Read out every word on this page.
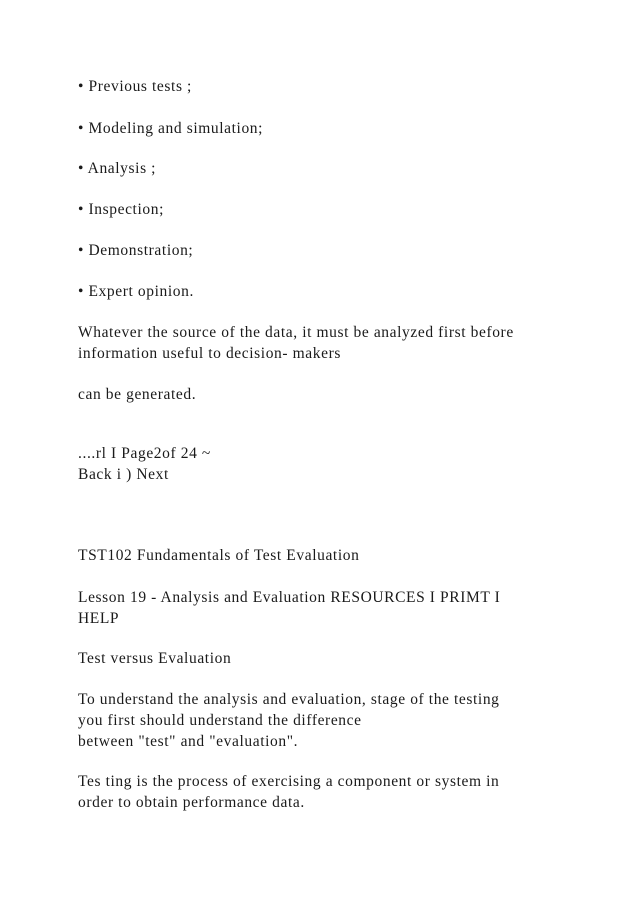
• Previous tests ;
• Modeling and simulation;
• Analysis ;
• Inspection;
• Demonstration;
• Expert opinion.
Whatever the source of the data, it must be analyzed first before
information useful to decision- makers
can be generated.
....rl I Page2of 24 ~
Back i ) Next
TST102 Fundamentals of Test Evaluation
Lesson 19 - Analysis and Evaluation RESOURCES I PRIMT I
HELP
Test versus Evaluation
To understand the analysis and evaluation, stage of the testing
you first should understand the difference
between "test" and "evaluation".
Tes ting is the process of exercising a component or system in
order to obtain performance data.
